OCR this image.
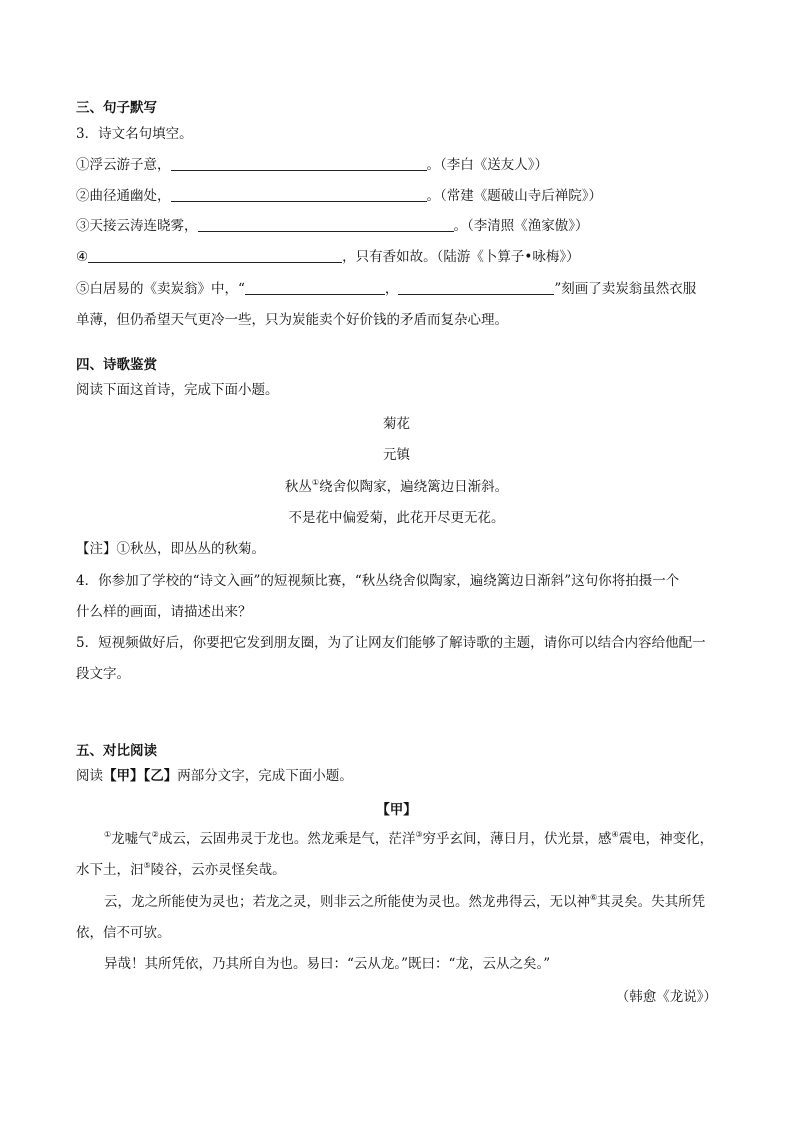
三、句子默写
3．诗文名句填空。
①浮云游子意，	。（李白《送友人》）
②曲径通幽处，	。（常建《题破山寺后禅院》）
③天接云涛连晓雾，	。（李清照《渔家傲》）
④	，只有香如故。（陆游《卜算子•咏梅》）
⑤白居易的《卖炭翁》中，“	，	”刻画了卖炭翁虽然衣服
单薄，但仍希望天气更冷一些，只为炭能卖个好价钱的矛盾而复杂心理。
四、诗歌鉴赏
阅读下面这首诗，完成下面小题。
菊花
元镇
秋丛①绕舍似陶家，遍绕篱边日渐斜。
不是花中偏爱菊，此花开尽更无花。
【注】①秋丛，即丛丛的秋菊。
4．你参加了学校的“诗文入画”的短视频比赛，“秋丛绕舍似陶家，遍绕篱边日渐斜”这句你将拍摄一个
什么样的画面，请描述出来？
5．短视频做好后，你要把它发到朋友圈，为了让网友们能够了解诗歌的主题，请你可以结合内容给他配一
段文字。
五、对比阅读
阅读【甲】【乙】两部分文字，完成下面小题。
【甲】
①龙嘘气②成云，云固弗灵于龙也。然龙乘是气，茫洋③穷乎玄间，薄日月，伏光景，感④震电，神变化，
水下土，汩⑤陵谷，云亦灵怪矣哉。
云，龙之所能使为灵也；若龙之灵，则非云之所能使为灵也。然龙弗得云，无以神⑥其灵矣。失其所凭
依，信不可欤。
异哉！其所凭依，乃其所自为也。易曰：“云从龙。”既曰：“龙，云从之矣。”
（韩愈《龙说》）
